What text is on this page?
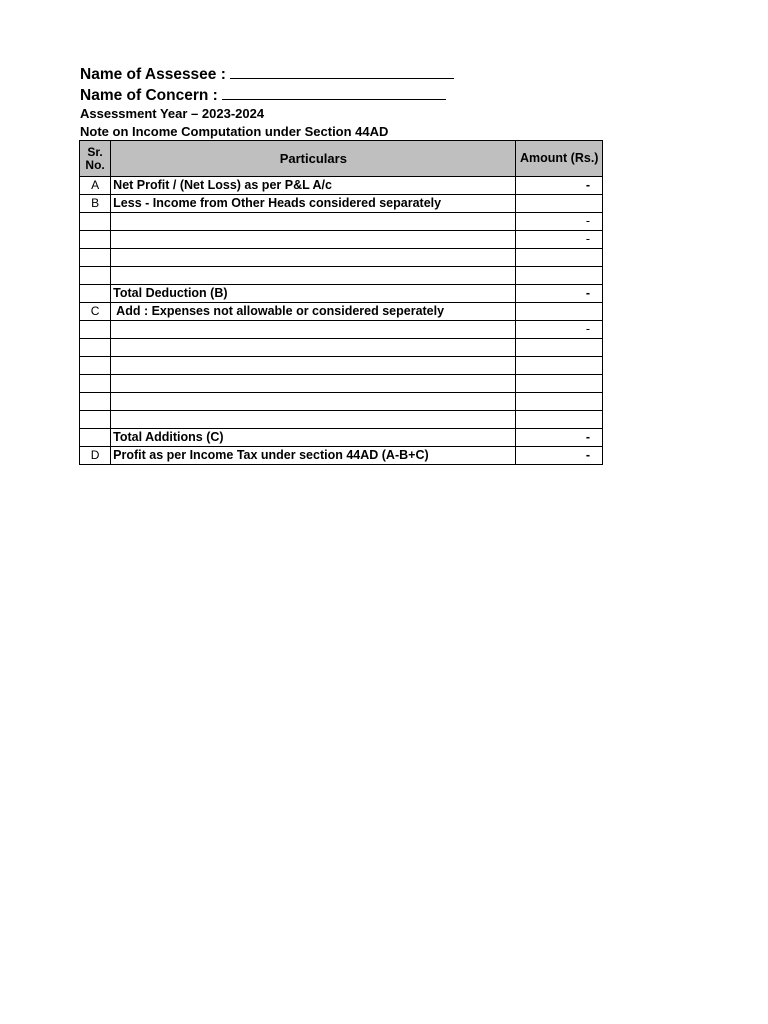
Name of Assessee :
Name of Concern :
Assessment Year – 2023-2024
Note on Income Computation under Section 44AD
Sr.
No.	Particulars	Amount (Rs.)
A	Net Profit / (Net Loss) as per P&L A/c	-
B	Less - Income from Other Heads considered separately	
		-
		-

	Total Deduction (B)	-
C	Add : Expenses not allowable or considered seperately	
		-

	Total Additions (C)	-
D	Profit as per Income Tax under section 44AD (A-B+C)	-
